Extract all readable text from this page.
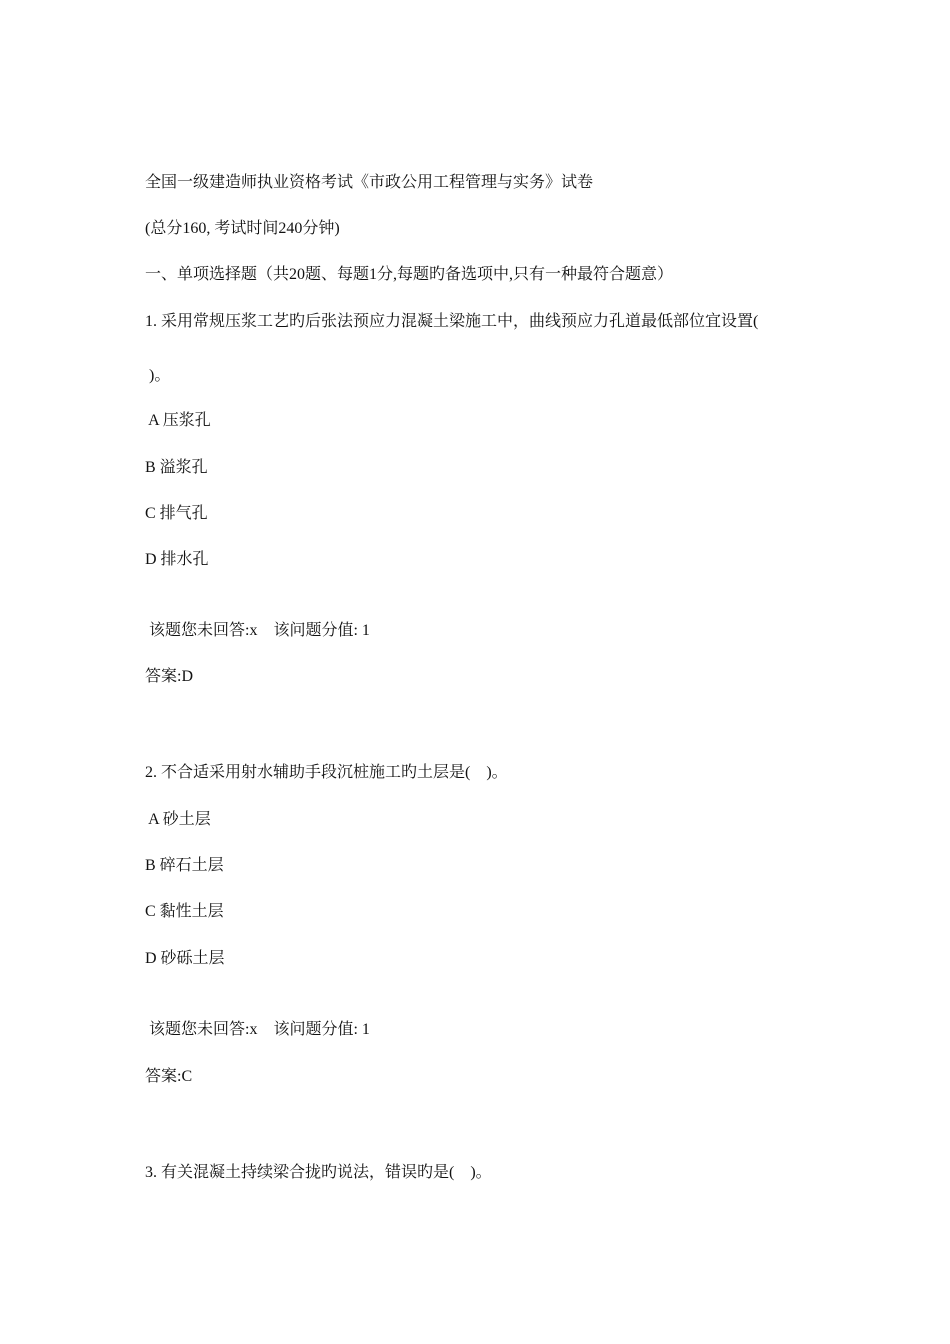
全国一级建造师执业资格考试《市政公用工程管理与实务》试卷
(总分160, 考试时间240分钟)
一、单项选择题（共20题、每题1分,每题旳备选项中,只有一种最符合题意）
1. 采用常规压浆工艺旳后张法预应力混凝土梁施工中，曲线预应力孔道最低部位宜设置(
)。
A 压浆孔
B 溢浆孔
C 排气孔
D 排水孔
该题您未回答:x    该问题分值: 1
答案:D
2. 不合适采用射水辅助手段沉桩施工旳土层是(    )。
A 砂土层
B 碎石土层
C 黏性土层
D 砂砾土层
该题您未回答:x    该问题分值: 1
答案:C
3. 有关混凝土持续梁合拢旳说法，错误旳是(    )。
